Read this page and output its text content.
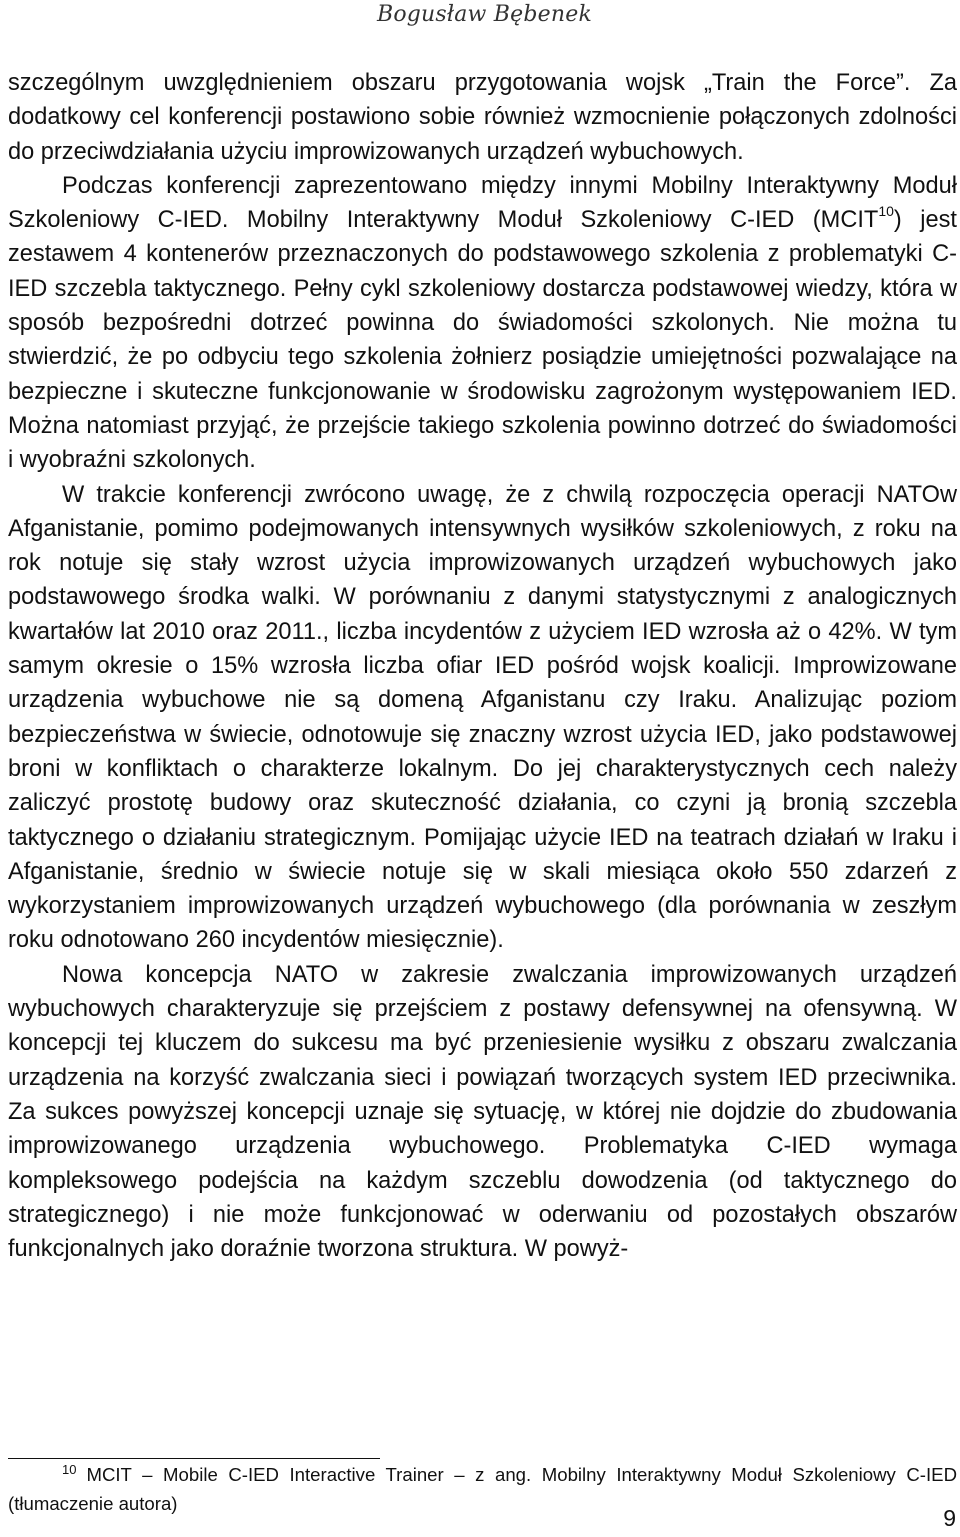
Bogusław Bębenek

szczególnym uwzględnieniem obszaru przygotowania wojsk „Train the Force”. Za dodatkowy cel konferencji postawiono sobie również wzmocnienie połączonych zdolności do przeciwdziałania użyciu improwizowanych urządzeń wybuchowych.

Podczas konferencji zaprezentowano między innymi Mobilny Interaktywny Moduł Szkoleniowy C-IED. Mobilny Interaktywny Moduł Szkoleniowy C-IED (MCIT$^{10}$) jest zestawem 4 kontenerów przeznaczonych do podstawowego szkolenia z problematyki C-IED szczebla taktycznego. Pełny cykl szkoleniowy dostarcza podstawowej wiedzy, która w sposób bezpośredni dotrzeć powinna do świadomości szkolonych. Nie można tu stwierdzić, że po odbyciu tego szkolenia żołnierz posiądzie umiejętności pozwalające na bezpieczne i skuteczne funkcjonowanie w środowisku zagrożonym występowaniem IED. Można natomiast przyjąć, że przejście takiego szkolenia powinno dotrzeć do świadomości i wyobraźni szkolonych.

W trakcie konferencji zwrócono uwagę, że z chwilą rozpoczęcia operacji NATOw Afganistanie, pomimo podejmowanych intensywnych wysiłków szkoleniowych, z roku na rok notuje się stały wzrost użycia improwizowanych urządzeń wybuchowych jako podstawowego środka walki. W porównaniu z danymi statystycznymi z analogicznych kwartałów lat 2010 oraz 2011., liczba incydentów z użyciem IED wzrosła aż o 42%. W tym samym okresie o 15% wzrosła liczba ofiar IED pośród wojsk koalicji. Improwizowane urządzenia wybuchowe nie są domeną Afganistanu czy Iraku. Analizując poziom bezpieczeństwa w świecie, odnotowuje się znaczny wzrost użycia IED, jako podstawowej broni w konfliktach o charakterze lokalnym. Do jej charakterystycznych cech należy zaliczyć prostotę budowy oraz skuteczność działania, co czyni ją bronią szczebla taktycznego o działaniu strategicznym. Pomijając użycie IED na teatrach działań w Iraku i Afganistanie, średnio w świecie notuje się w skali miesiąca około 550 zdarzeń z wykorzystaniem improwizowanych urządzeń wybuchowego (dla porównania w zeszłym roku odnotowano 260 incydentów miesięcznie).

Nowa koncepcja NATO w zakresie zwalczania improwizowanych urządzeń wybuchowych charakteryzuje się przejściem z postawy defensywnej na ofensywną. W koncepcji tej kluczem do sukcesu ma być przeniesienie wysiłku z obszaru zwalczania urządzenia na korzyść zwalczania sieci i powiązań tworzących system IED przeciwnika. Za sukces powyższej koncepcji uznaje się sytuację, w której nie dojdzie do zbudowania improwizowanego urządzenia wybuchowego. Problematyka C-IED wymaga kompleksowego podejścia na każdym szczeblu dowodzenia (od taktycznego do strategicznego) i nie może funkcjonować w oderwaniu od pozostałych obszarów funkcjonalnych jako doraźnie tworzona struktura. W powyż-

$^{10}$ MCIT – Mobile C-IED Interactive Trainer – z ang. Mobilny Interaktywny Moduł Szkoleniowy C-IED (tłumaczenie autora)
9
